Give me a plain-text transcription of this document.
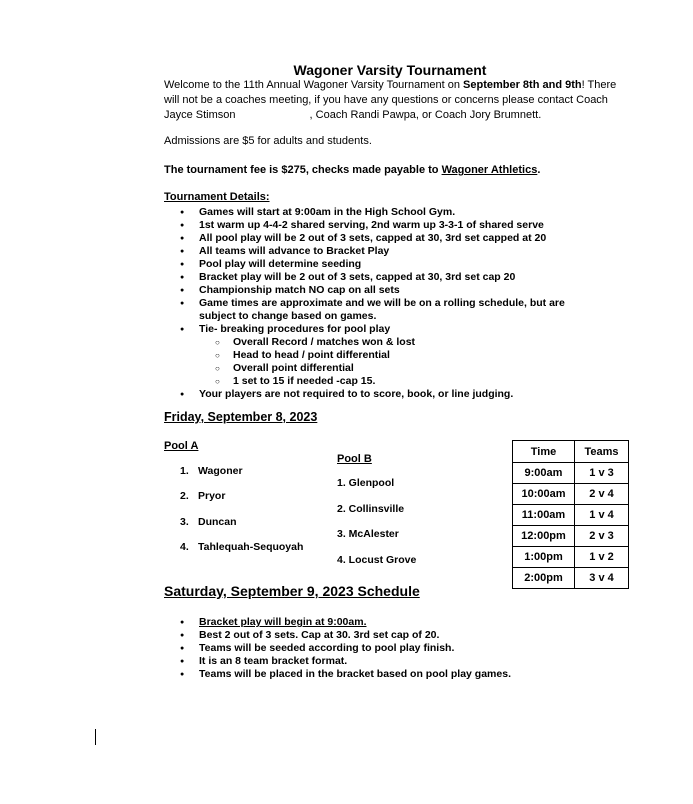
Wagoner Varsity Tournament
Welcome to the 11th Annual Wagoner Varsity Tournament on September 8th and 9th! There will not be a coaches meeting, if you have any questions or concerns please contact Coach Jayce Stimson	, Coach Randi Pawpa, or Coach Jory Brumnett.
Admissions are $5 for adults and students.
The tournament fee is $275, checks made payable to Wagoner Athletics.
Tournament Details:
● Games will start at 9:00am in the High School Gym.
● 1st warm up 4-4-2 shared serving, 2nd warm up 3-3-1 of shared serve
● All pool play will be 2 out of 3 sets, capped at 30, 3rd set capped at 20
● All teams will advance to Bracket Play
● Pool play will determine seeding
● Bracket play will be 2 out of 3 sets, capped at 30, 3rd set cap 20
● Championship match NO cap on all sets
● Game times are approximate and we will be on a rolling schedule, but are subject to change based on games.
● Tie- breaking procedures for pool play
○ Overall Record / matches won & lost
○ Head to head / point differential
○ Overall point differential
○ 1 set to 15 if needed -cap 15.
● Your players are not required to to score, book, or line judging.
Friday, September 8, 2023
Pool A
1. Wagoner
2. Pryor
3. Duncan
4. Tahlequah-Sequoyah
Pool B
1. Glenpool
2. Collinsville
3. McAlester
4. Locust Grove
Time	Teams
9:00am	1 v 3
10:00am	2 v 4
11:00am	1 v 4
12:00pm	2 v 3
1:00pm	1 v 2
2:00pm	3 v 4
Saturday, September 9, 2023 Schedule
● Bracket play will begin at 9:00am.
● Best 2 out of 3 sets. Cap at 30. 3rd set cap of 20.
● Teams will be seeded according to pool play finish.
● It is an 8 team bracket format.
● Teams will be placed in the bracket based on pool play games.
